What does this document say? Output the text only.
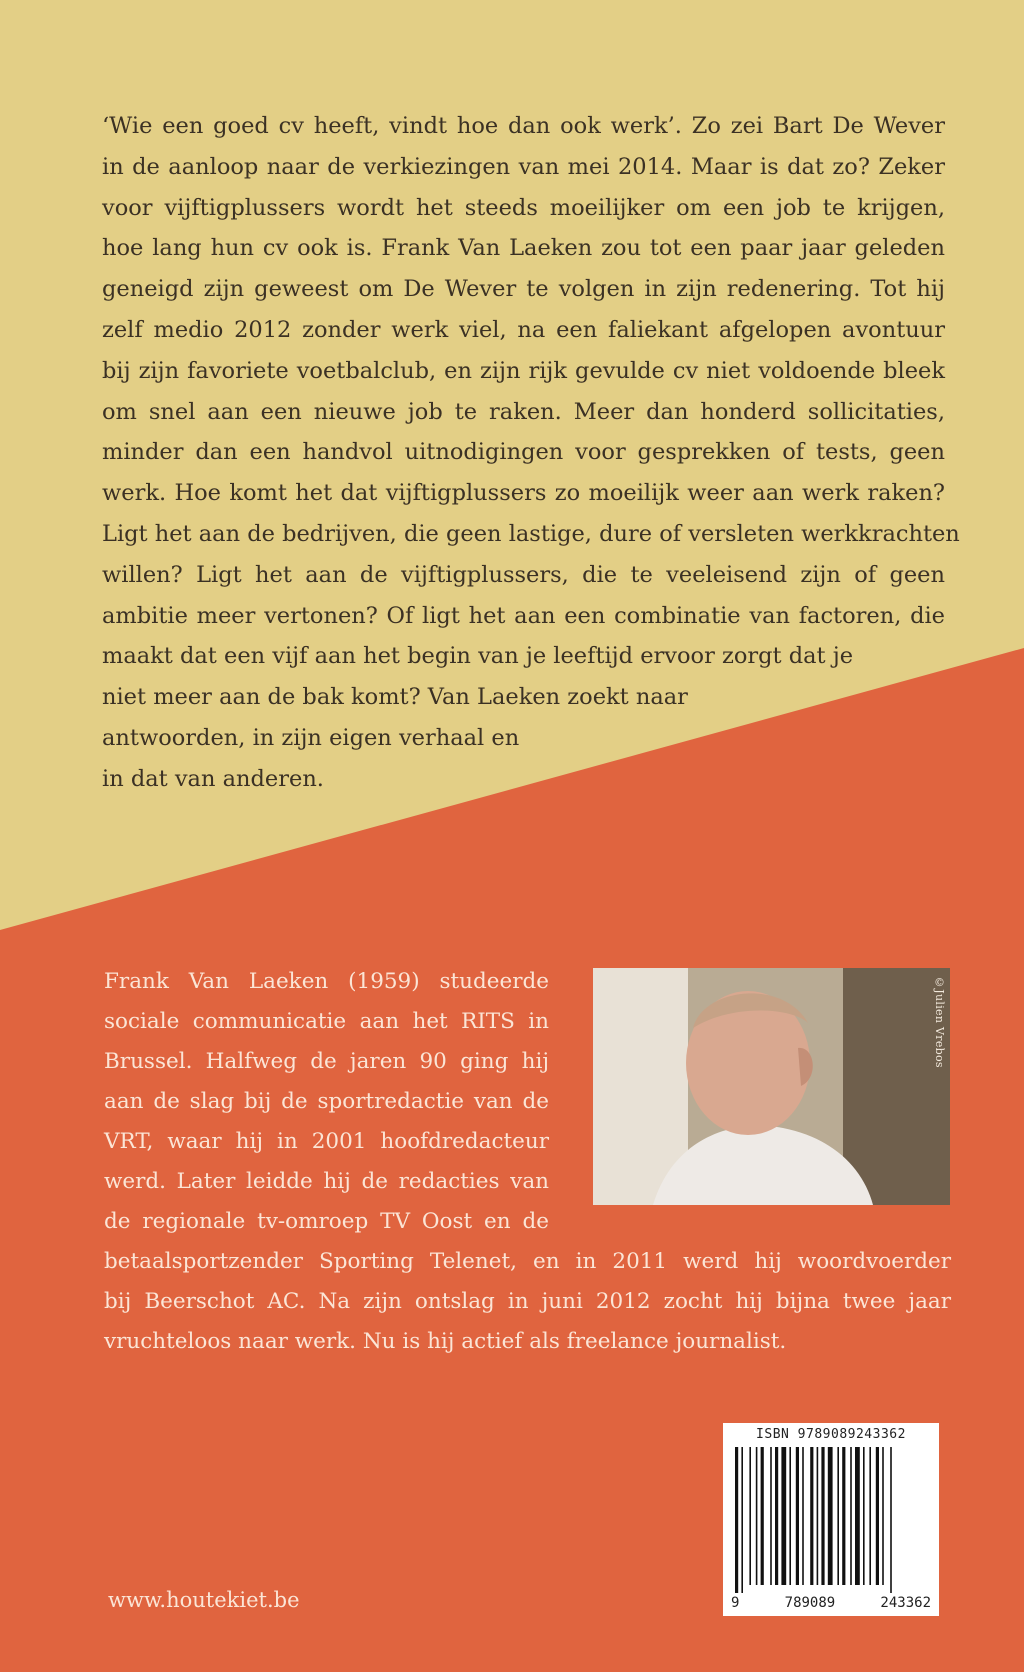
‘Wie een goed cv heeft, vindt hoe dan ook werk’. Zo zei Bart De Wever
in de aanloop naar de verkiezingen van mei 2014. Maar is dat zo? Zeker
voor vijftigplussers wordt het steeds moeilijker om een job te krijgen,
hoe lang hun cv ook is. Frank Van Laeken zou tot een paar jaar geleden
geneigd zijn geweest om De Wever te volgen in zijn redenering. Tot hij
zelf medio 2012 zonder werk viel, na een faliekant afgelopen avontuur
bij zijn favoriete voetbalclub, en zijn rijk gevulde cv niet voldoende bleek
om snel aan een nieuwe job te raken. Meer dan honderd sollicitaties,
minder dan een handvol uitnodigingen voor gesprekken of tests, geen
werk. Hoe komt het dat vijftigplussers zo moeilijk weer aan werk raken?
Ligt het aan de bedrijven, die geen lastige, dure of versleten werkkrachten
willen? Ligt het aan de vijftigplussers, die te veeleisend zijn of geen
ambitie meer vertonen? Of ligt het aan een combinatie van factoren, die
maakt dat een vijf aan het begin van je leeftijd ervoor zorgt dat je
niet meer aan de bak komt? Van Laeken zoekt naar
antwoorden, in zijn eigen verhaal en
in dat van anderen.
©Julien Vrebos
Frank Van Laeken (1959) studeerde
sociale communicatie aan het RITS in
Brussel. Halfweg de jaren 90 ging hij
aan de slag bij de sportredactie van de
VRT, waar hij in 2001 hoofdredacteur
werd. Later leidde hij de redacties van
de regionale tv-omroep TV Oost en de
betaalsportzender Sporting Telenet, en in 2011 werd hij woordvoerder
bij Beerschot AC. Na zijn ontslag in juni 2012 zocht hij bijna twee jaar
vruchteloos naar werk. Nu is hij actief als freelance journalist.
ISBN 9789089243362
9	789089	243362
www.houtekiet.be
